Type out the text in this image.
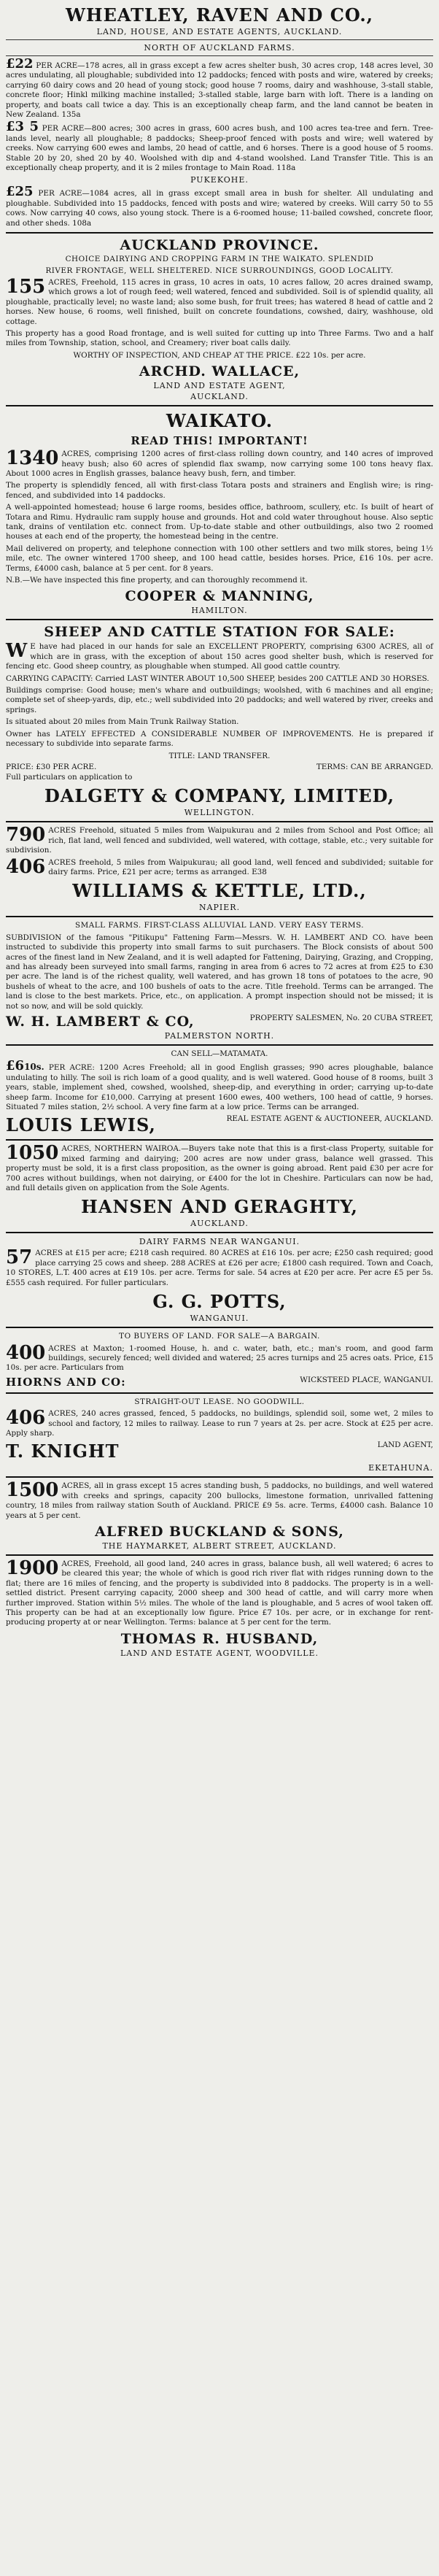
WHEATLEY, RAVEN AND CO.,
LAND, HOUSE, AND ESTATE AGENTS, AUCKLAND.
NORTH OF AUCKLAND FARMS.
£22 PER ACRE—178 acres, all in grass except a few acres shelter bush, 30 acres crop, 148 acres level, 30 acres undulating, all ploughable; subdivided into 12 paddocks; fenced with posts and wire, watered by creeks; carrying 60 dairy cows and 20 head of young stock; good house 7 rooms, dairy and washhouse, 3-stall stable, concrete floor; Hinkl milking machine installed; 3-stalled stable, large barn with loft. There is a landing on property, and boats call twice a day. This is an exceptionally cheap farm, and the land cannot be beaten in New Zealand. 135a
£3 5 PER ACRE—800 acres; 300 acres in grass, 600 acres bush, and 100 acres tea-tree and fern. Tree-lands level, nearly all ploughable; 8 paddocks; Sheep-proof fenced with posts and wire; well watered by creeks. Now carrying 600 ewes and lambs, 20 head of cattle, and 6 horses. There is a good house of 5 rooms. Stable 20 by 20, shed 20 by 40. Woolshed with dip and 4-stand woolshed. Land Transfer Title. This is an exceptionally cheap property, and it is 2 miles frontage to Main Road. 118a
PUKEKOHE.
£25 PER ACRE—1084 acres, all in grass except small area in bush for shelter. All undulating and ploughable. Subdivided into 15 paddocks, fenced with posts and wire; watered by creeks. Will carry 50 to 55 cows. Now carrying 40 cows, also young stock. There is a 6-roomed house; 11-bailed cowshed, concrete floor, and other sheds. 108a
AUCKLAND PROVINCE.
CHOICE DAIRYING AND CROPPING FARM IN THE WAIKATO. SPLENDID
RIVER FRONTAGE, WELL SHELTERED. NICE SURROUNDINGS, GOOD LOCALITY.
155 ACRES, Freehold, 115 acres in grass, 10 acres in oats, 10 acres fallow, 20 acres drained swamp, which grows a lot of rough feed; well watered, fenced and subdivided. Soil is of splendid quality, all ploughable, practically level; no waste land; also some bush, for fruit trees; has watered 8 head of cattle and 2 horses. New house, 6 rooms, well finished, built on concrete foundations, cowshed, dairy, washhouse, old cottage.
This property has a good Road frontage, and is well suited for cutting up into Three Farms. Two and a half miles from Township, station, school, and Creamery; river boat calls daily.
WORTHY OF INSPECTION, AND CHEAP AT THE PRICE. £22 10s. per acre.
ARCHD. WALLACE,
LAND AND ESTATE AGENT,
AUCKLAND.
WAIKATO.
READ THIS! IMPORTANT!
1340 ACRES, comprising 1200 acres of first-class rolling down country, and 140 acres of improved heavy bush; also 60 acres of splendid flax swamp, now carrying some 100 tons heavy flax. About 1000 acres in English grasses, balance heavy bush, fern, and timber.
The property is splendidly fenced, all with first-class Totara posts and strainers and English wire; is ring-fenced, and subdivided into 14 paddocks.
A well-appointed homestead; house 6 large rooms, besides office, bathroom, scullery, etc. Is built of heart of Totara and Rimu. Hydraulic ram supply house and grounds. Hot and cold water throughout house. Also septic tank, drains of ventilation etc. connect from. Up-to-date stable and other outbuildings, also two 2 roomed houses at each end of the property, the homestead being in the centre.
Mail delivered on property, and telephone connection with 100 other settlers and two milk stores, being 1½ mile, etc. The owner wintered 1700 sheep, and 100 head cattle, besides horses. Price, £16 10s. per acre. Terms, £4000 cash, balance at 5 per cent. for 8 years.
N.B.—We have inspected this fine property, and can thoroughly recommend it.
COOPER & MANNING,
HAMILTON.
SHEEP AND CATTLE STATION FOR SALE:
W E have had placed in our hands for sale an EXCELLENT PROPERTY, comprising 6300 ACRES, all of which are in grass, with the exception of about 150 acres good shelter bush, which is reserved for fencing etc. Good sheep country, as ploughable when stumped. All good cattle country.
CARRYING CAPACITY: Carried LAST WINTER ABOUT 10,500 SHEEP, besides 200 CATTLE AND 30 HORSES.
Buildings comprise: Good house; men's whare and outbuildings; woolshed, with 6 machines and all engine; complete set of sheep-yards, dip, etc.; well subdivided into 20 paddocks; and well watered by river, creeks and springs.
Is situated about 20 miles from Main Trunk Railway Station.
Owner has LATELY EFFECTED A CONSIDERABLE NUMBER OF IMPROVEMENTS. He is prepared if necessary to subdivide into separate farms.
TITLE: LAND TRANSFER.
PRICE: £30 PER ACRE.	TERMS: CAN BE ARRANGED.
Full particulars on application to
DALGETY & COMPANY, LIMITED,
WELLINGTON.
790 ACRES Freehold, situated 5 miles from Waipukurau and 2 miles from School and Post Office; all rich, flat land, well fenced and subdivided, well watered, with cottage, stable, etc.; very suitable for subdivision.
406 ACRES freehold, 5 miles from Waipukurau; all good land, well fenced and subdivided; suitable for dairy farms. Price, £21 per acre; terms as arranged. E38
WILLIAMS & KETTLE, LTD.,
NAPIER.
SMALL FARMS. FIRST-CLASS ALLUVIAL LAND. VERY EASY TERMS.
SUBDIVISION of the famous "Pitikupu" Fattening Farm—Messrs. W. H. LAMBERT AND CO. have been instructed to subdivide this property into small farms to suit purchasers. The Block consists of about 500 acres of the finest land in New Zealand, and it is well adapted for Fattening, Dairying, Grazing, and Cropping, and has already been surveyed into small farms, ranging in area from 6 acres to 72 acres at from £25 to £30 per acre. The land is of the richest quality, well watered, and has grown 18 tons of potatoes to the acre, 90 bushels of wheat to the acre, and 100 bushels of oats to the acre. Title freehold. Terms can be arranged. The land is close to the best markets. Price, etc., on application. A prompt inspection should not be missed; it is not so now, and will be sold quickly.
W. H. LAMBERT & CO,	PROPERTY SALESMEN, No. 20 CUBA STREET,
PALMERSTON NORTH.
CAN SELL—MATAMATA.
£610s. PER ACRE: 1200 Acres Freehold; all in good English grasses; 990 acres ploughable, balance undulating to hilly. The soil is rich loam of a good quality, and is well watered. Good house of 8 rooms, built 3 years, stable, implement shed, cowshed, woolshed, sheep-dip, and everything in order; carrying up-to-date sheep farm. Income for £10,000. Carrying at present 1600 ewes, 400 wethers, 100 head of cattle, 9 horses. Situated 7 miles station, 2½ school. A very fine farm at a low price. Terms can be arranged.
LOUIS LEWIS,	REAL ESTATE AGENT & AUCTIONEER, AUCKLAND.
1050 ACRES, NORTHERN WAIROA.—Buyers take note that this is a first-class Property, suitable for mixed farming and dairying; 200 acres are now under grass, balance well grassed. This property must be sold, it is a first class proposition, as the owner is going abroad. Rent paid £30 per acre for 700 acres without buildings, when not dairying, or £400 for the lot in Cheshire. Particulars can now be had, and full details given on application from the Sole Agents.
HANSEN AND GERAGHTY,
AUCKLAND.
DAIRY FARMS NEAR WANGANUI.
57 ACRES at £15 per acre; £218 cash required. 80 ACRES at £16 10s. per acre; £250 cash required; good place carrying 25 cows and sheep. 288 ACRES at £26 per acre; £1800 cash required. Town and Coach, 10 STORES, L.T. 400 acres at £19 10s. per acre. Terms for sale. 54 acres at £20 per acre. Per acre £5 per 5s. £555 cash required. For fuller particulars.
G. G. POTTS,
WANGANUI.
TO BUYERS OF LAND. FOR SALE—A BARGAIN.
400 ACRES at Maxton; 1-roomed House, h. and c. water, bath, etc.; man's room, and good farm buildings, securely fenced; well divided and watered; 25 acres turnips and 25 acres oats. Price, £15 10s. per acre. Particulars from
HIORNS AND CO:	WICKSTEED PLACE, WANGANUI.
STRAIGHT-OUT LEASE. NO GOODWILL.
406 ACRES, 240 acres grassed, fenced, 5 paddocks, no buildings, splendid soil, some wet, 2 miles to school and factory, 12 miles to railway. Lease to run 7 years at 2s. per acre. Stock at £25 per acre. Apply sharp.
T. KNIGHT	LAND AGENT,
EKETAHUNA.
1500 ACRES, all in grass except 15 acres standing bush, 5 paddocks, no buildings, and well watered with creeks and springs, capacity 200 bullocks, limestone formation, unrivalled fattening country, 18 miles from railway station South of Auckland. PRICE £9 5s. acre. Terms, £4000 cash. Balance 10 years at 5 per cent.
ALFRED BUCKLAND & SONS,
THE HAYMARKET, ALBERT STREET, AUCKLAND.
1900 ACRES, Freehold, all good land, 240 acres in grass, balance bush, all well watered; 6 acres to be cleared this year; the whole of which is good rich river flat with ridges running down to the flat; there are 16 miles of fencing, and the property is subdivided into 8 paddocks. The property is in a well-settled district. Present carrying capacity, 2000 sheep and 300 head of cattle, and will carry more when further improved. Station within 5½ miles. The whole of the land is ploughable, and 5 acres of wool taken off. This property can be had at an exceptionally low figure. Price £7 10s. per acre, or in exchange for rent-producing property at or near Wellington. Terms: balance at 5 per cent for the term.
THOMAS R. HUSBAND,
LAND AND ESTATE AGENT, WOODVILLE.
